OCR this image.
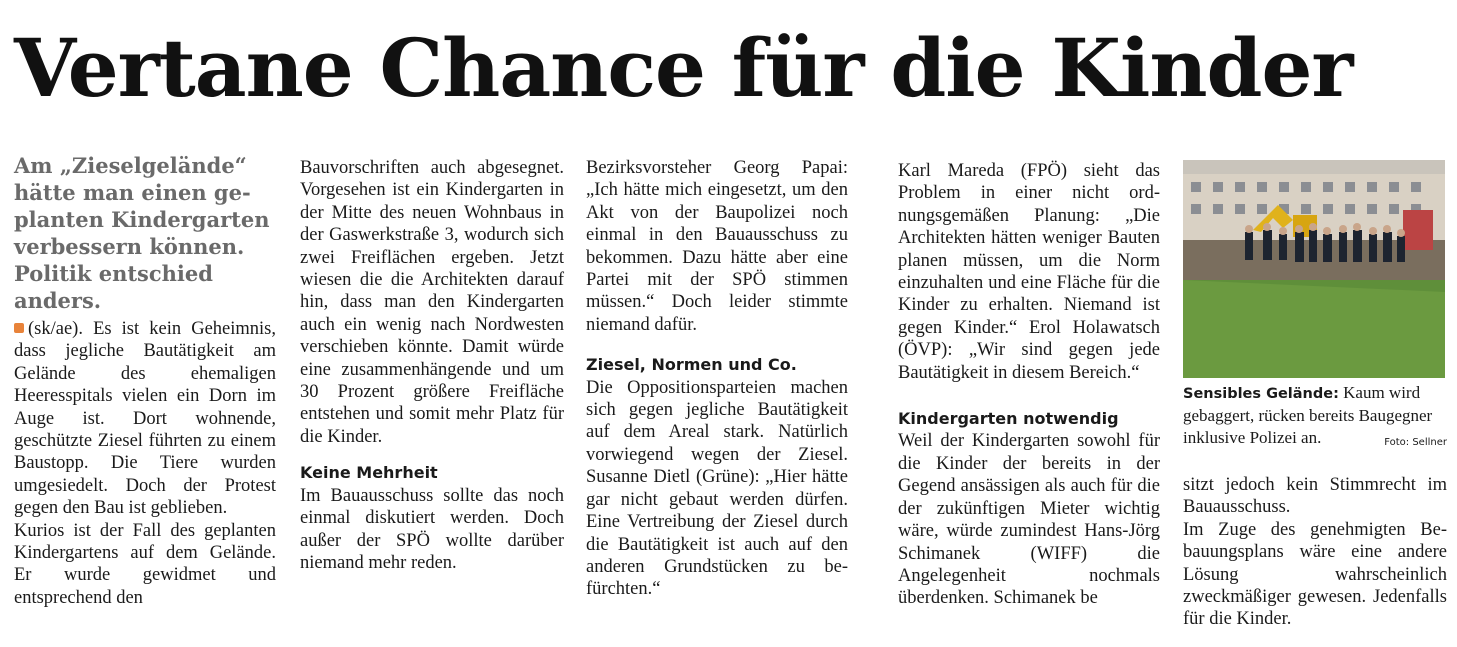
Vertane Chance für die Kinder

Am „Zieselgelände“ hätte man einen geplanten Kindergarten verbessern können. Politik entschied anders.

(sk/ae). Es ist kein Geheimnis, dass jegliche Bautätigkeit am Gelände des ehemaligen Heeresspitals vielen ein Dorn im Auge ist. Dort wohnende, geschützte Ziesel führten zu einem Baustopp. Die Tiere wurden umgesiedelt. Doch der Protest gegen den Bau ist geblieben.

Kurios ist der Fall des geplanten Kindergartens auf dem Gelände. Er wurde gewidmet und entsprechend den

Bauvorschriften auch abgesegnet. Vorgesehen ist ein Kindergarten in der Mitte des neuen Wohnbaus in der Gaswerkstraße 3, wodurch sich zwei Freiflächen ergeben. Jetzt wiesen die die Architekten darauf hin, dass man den Kindergarten auch ein wenig nach Nordwesten verschieben könnte. Damit würde eine zusammenhängende und um 30 Prozent größere Freifläche entstehen und somit mehr Platz für die Kinder.

Keine Mehrheit

Im Bauausschuss sollte das noch einmal diskutiert werden. Doch außer der SPÖ wollte darüber niemand mehr reden.

Bezirksvorsteher Georg Papai: „Ich hätte mich eingesetzt, um den Akt von der Baupolizei noch einmal in den Bauausschuss zu bekommen. Dazu hätte aber eine Partei mit der SPÖ stimmen müssen.“ Doch leider stimmte niemand dafür.

Ziesel, Normen und Co.

Die Oppositionsparteien machen sich gegen jegliche Bautätigkeit auf dem Areal stark. Natürlich vorwiegend wegen der Ziesel. Susanne Dietl (Grüne): „Hier hätte gar nicht gebaut werden dürfen. Eine Vertreibung der Ziesel durch die Bautätigkeit ist auch auf den anderen Grundstücken zu befürchten.“

Karl Mareda (FPÖ) sieht das Problem in einer nicht ordnungsgemäßen Planung: „Die Architekten hätten weniger Bauten planen müssen, um die Norm einzuhalten und eine Fläche für die Kinder zu erhalten. Niemand ist gegen Kinder.“ Erol Holawatsch (ÖVP): „Wir sind gegen jede Bautätigkeit in diesem Bereich.“

Kindergarten notwendig

Weil der Kindergarten sowohl für die Kinder der bereits in der Gegend ansässigen als auch für die der zukünftigen Mieter wichtig wäre, würde zumindest Hans-Jörg Schimanek (WIFF) die Angelegenheit nochmals überdenken. Schimanek be

Sensibles Gelände: Kaum wird gebaggert, rücken bereits Baugegner inklusive Polizei an.	Foto: Sellner

sitzt jedoch kein Stimmrecht im Bauausschuss.

Im Zuge des genehmigten Bebauungsplans wäre eine andere Lösung wahrscheinlich zweckmäßiger gewesen. Jedenfalls für die Kinder.
